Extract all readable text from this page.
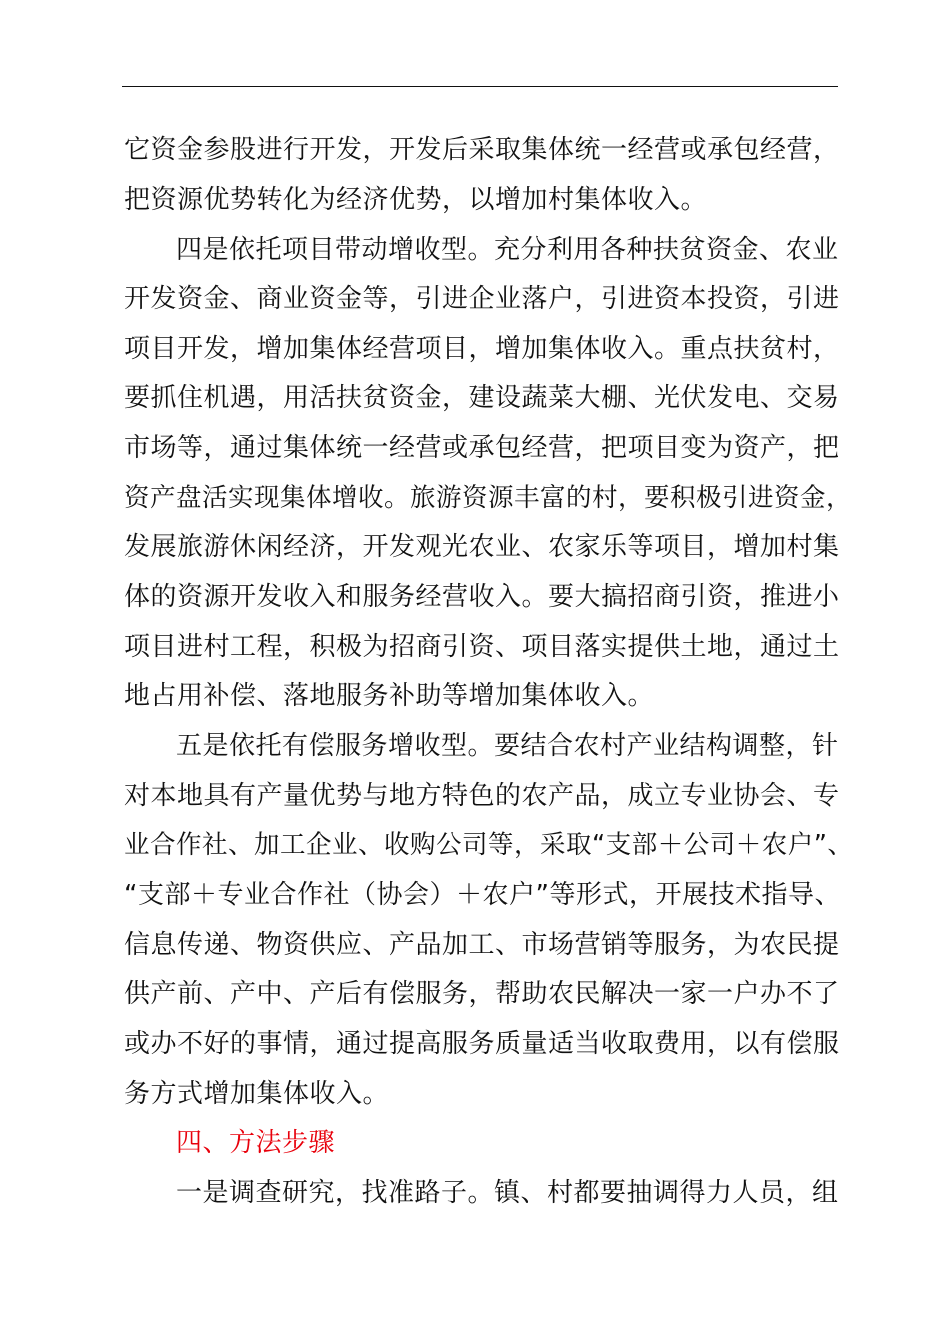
它资金参股进行开发，开发后采取集体统一经营或承包经营，
把资源优势转化为经济优势，以增加村集体收入。
四是依托项目带动增收型。充分利用各种扶贫资金、农业
开发资金、商业资金等，引进企业落户，引进资本投资，引进
项目开发，增加集体经营项目，增加集体收入。重点扶贫村，
要抓住机遇，用活扶贫资金，建设蔬菜大棚、光伏发电、交易
市场等，通过集体统一经营或承包经营，把项目变为资产，把
资产盘活实现集体增收。旅游资源丰富的村，要积极引进资金，
发展旅游休闲经济，开发观光农业、农家乐等项目，增加村集
体的资源开发收入和服务经营收入。要大搞招商引资，推进小
项目进村工程，积极为招商引资、项目落实提供土地，通过土
地占用补偿、落地服务补助等增加集体收入。
五是依托有偿服务增收型。要结合农村产业结构调整，针
对本地具有产量优势与地方特色的农产品，成立专业协会、专
业合作社、加工企业、收购公司等，采取“支部＋公司＋农户”、
“支部＋专业合作社（协会）＋农户”等形式，开展技术指导、
信息传递、物资供应、产品加工、市场营销等服务，为农民提
供产前、产中、产后有偿服务，帮助农民解决一家一户办不了
或办不好的事情，通过提高服务质量适当收取费用，以有偿服
务方式增加集体收入。
四、方法步骤
一是调查研究，找准路子。镇、村都要抽调得力人员，组
